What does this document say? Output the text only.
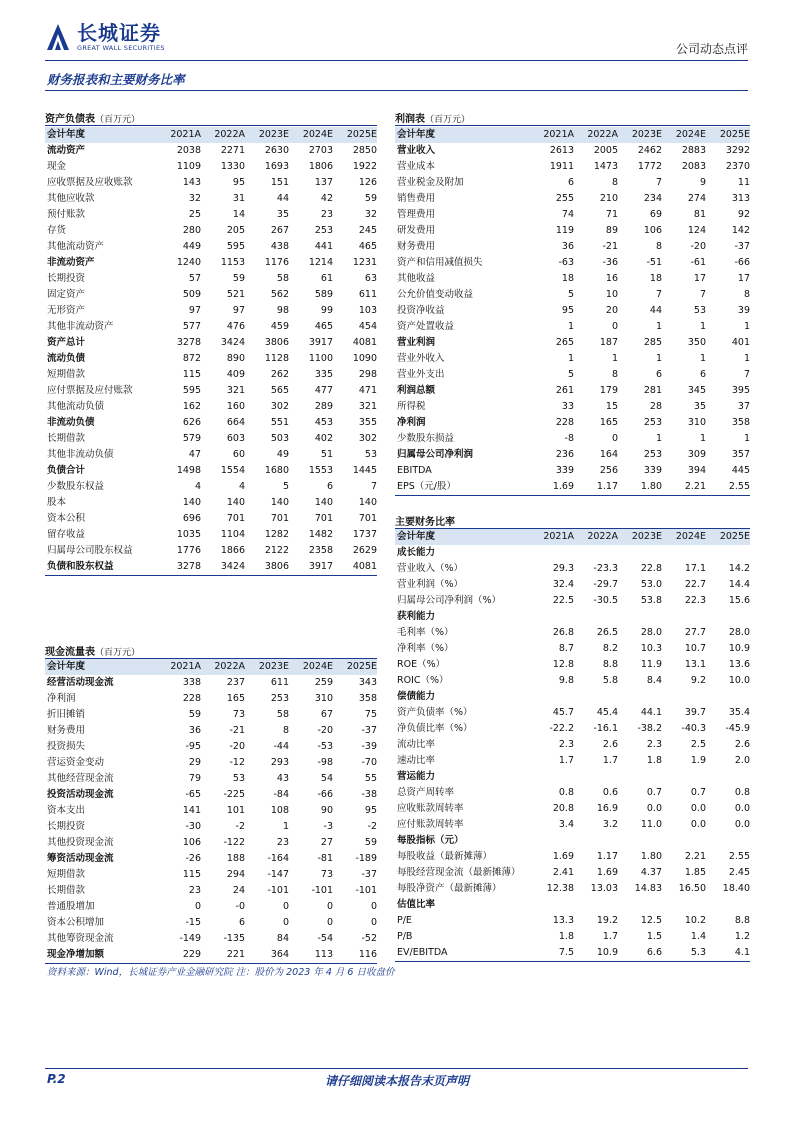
长城证券
GREAT WALL SECURITIES	公司动态点评
财务报表和主要财务比率
资产负债表（百万元）
会计年度	2021A	2022A	2023E	2024E	2025E
流动资产	2038	2271	2630	2703	2850
现金	1109	1330	1693	1806	1922
应收票据及应收账款	143	95	151	137	126
其他应收款	32	31	44	42	59
预付账款	25	14	35	23	32
存货	280	205	267	253	245
其他流动资产	449	595	438	441	465
非流动资产	1240	1153	1176	1214	1231
长期投资	57	59	58	61	63
固定资产	509	521	562	589	611
无形资产	97	97	98	99	103
其他非流动资产	577	476	459	465	454
资产总计	3278	3424	3806	3917	4081
流动负债	872	890	1128	1100	1090
短期借款	115	409	262	335	298
应付票据及应付账款	595	321	565	477	471
其他流动负债	162	160	302	289	321
非流动负债	626	664	551	453	355
长期借款	579	603	503	402	302
其他非流动负债	47	60	49	51	53
负债合计	1498	1554	1680	1553	1445
少数股东权益	4	4	5	6	7
股本	140	140	140	140	140
资本公积	696	701	701	701	701
留存收益	1035	1104	1282	1482	1737
归属母公司股东权益	1776	1866	2122	2358	2629
负债和股东权益	3278	3424	3806	3917	4081
利润表（百万元）
会计年度	2021A	2022A	2023E	2024E	2025E
营业收入	2613	2005	2462	2883	3292
营业成本	1911	1473	1772	2083	2370
营业税金及附加	6	8	7	9	11
销售费用	255	210	234	274	313
管理费用	74	71	69	81	92
研发费用	119	89	106	124	142
财务费用	36	-21	8	-20	-37
资产和信用减值损失	-63	-36	-51	-61	-66
其他收益	18	16	18	17	17
公允价值变动收益	5	10	7	7	8
投资净收益	95	20	44	53	39
资产处置收益	1	0	1	1	1
营业利润	265	187	285	350	401
营业外收入	1	1	1	1	1
营业外支出	5	8	6	6	7
利润总额	261	179	281	345	395
所得税	33	15	28	35	37
净利润	228	165	253	310	358
少数股东损益	-8	0	1	1	1
归属母公司净利润	236	164	253	309	357
EBITDA	339	256	339	394	445
EPS（元/股）	1.69	1.17	1.80	2.21	2.55
主要财务比率
会计年度	2021A	2022A	2023E	2024E	2025E
成长能力					
营业收入（%）	29.3	-23.3	22.8	17.1	14.2
营业利润（%）	32.4	-29.7	53.0	22.7	14.4
归属母公司净利润（%）	22.5	-30.5	53.8	22.3	15.6
获利能力					
毛利率（%）	26.8	26.5	28.0	27.7	28.0
净利率（%）	8.7	8.2	10.3	10.7	10.9
ROE（%）	12.8	8.8	11.9	13.1	13.6
ROIC（%）	9.8	5.8	8.4	9.2	10.0
偿债能力					
资产负债率（%）	45.7	45.4	44.1	39.7	35.4
净负债比率（%）	-22.2	-16.1	-38.2	-40.3	-45.9
流动比率	2.3	2.6	2.3	2.5	2.6
速动比率	1.7	1.7	1.8	1.9	2.0
营运能力					
总资产周转率	0.8	0.6	0.7	0.7	0.8
应收账款周转率	20.8	16.9	0.0	0.0	0.0
应付账款周转率	3.4	3.2	11.0	0.0	0.0
每股指标（元）					
每股收益（最新摊薄）	1.69	1.17	1.80	2.21	2.55
每股经营现金流（最新摊薄）	2.41	1.69	4.37	1.85	2.45
每股净资产（最新摊薄）	12.38	13.03	14.83	16.50	18.40
估值比率					
P/E	13.3	19.2	12.5	10.2	8.8
P/B	1.8	1.7	1.5	1.4	1.2
EV/EBITDA	7.5	10.9	6.6	5.3	4.1
现金流量表（百万元）
会计年度	2021A	2022A	2023E	2024E	2025E
经营活动现金流	338	237	611	259	343
净利润	228	165	253	310	358
折旧摊销	59	73	58	67	75
财务费用	36	-21	8	-20	-37
投资损失	-95	-20	-44	-53	-39
营运资金变动	29	-12	293	-98	-70
其他经营现金流	79	53	43	54	55
投资活动现金流	-65	-225	-84	-66	-38
资本支出	141	101	108	90	95
长期投资	-30	-2	1	-3	-2
其他投资现金流	106	-122	23	27	59
筹资活动现金流	-26	188	-164	-81	-189
短期借款	115	294	-147	73	-37
长期借款	23	24	-101	-101	-101
普通股增加	0	-0	0	0	0
资本公积增加	-15	6	0	0	0
其他筹资现金流	-149	-135	84	-54	-52
现金净增加额	229	221	364	113	116
资料来源：Wind，长城证券产业金融研究院 注：股价为 2023 年 4 月 6 日收盘价
P.2	请仔细阅读本报告末页声明
